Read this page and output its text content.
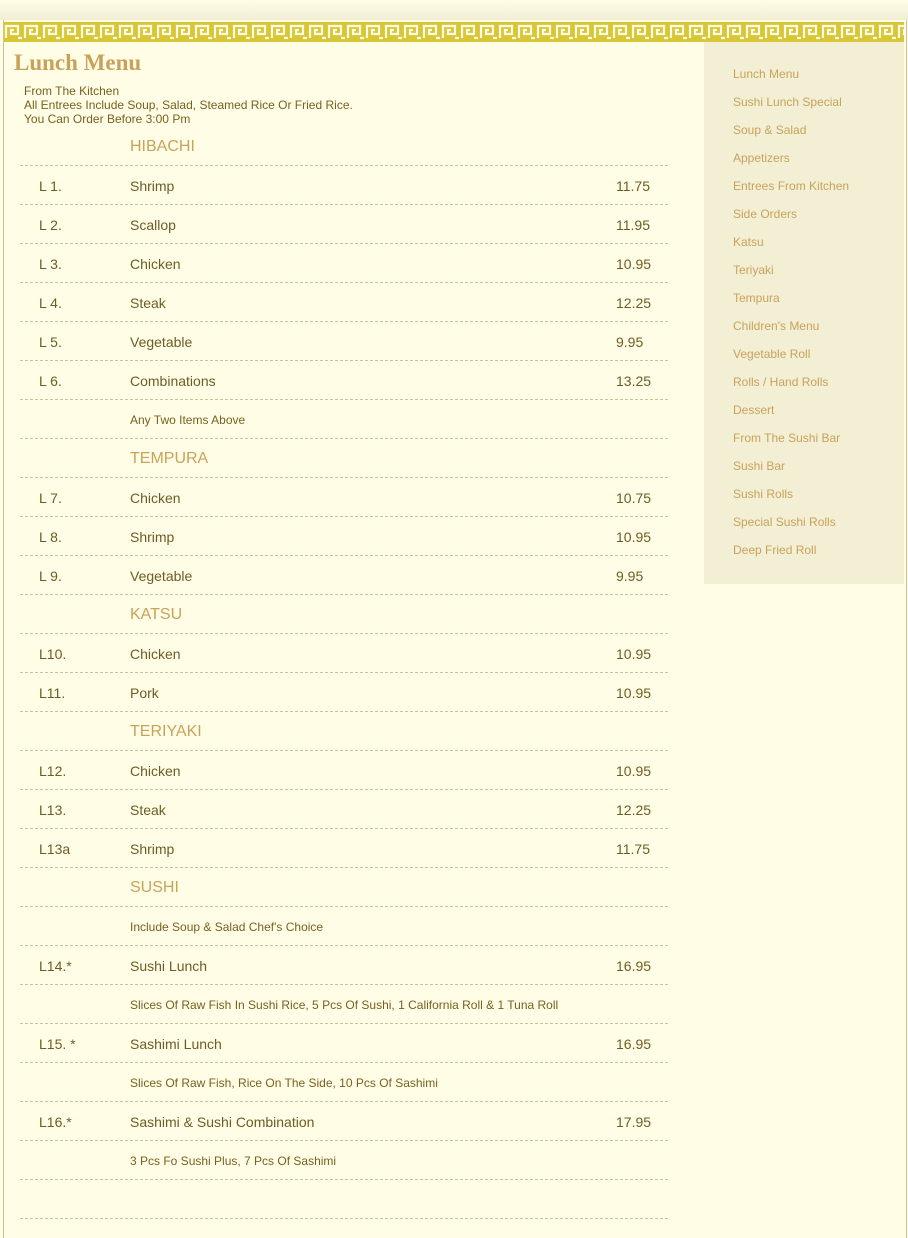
Lunch Menu
From The Kitchen
All Entrees Include Soup, Salad, Steamed Rice Or Fried Rice.
You Can Order Before 3:00 Pm
HIBACHI
L 1.	Shrimp	11.75
L 2.	Scallop	11.95
L 3.	Chicken	10.95
L 4.	Steak	12.25
L 5.	Vegetable	9.95
L 6.	Combinations	13.25
Any Two Items Above
TEMPURA
L 7.	Chicken	10.75
L 8.	Shrimp	10.95
L 9.	Vegetable	9.95
KATSU
L10.	Chicken	10.95
L11.	Pork	10.95
TERIYAKI
L12.	Chicken	10.95
L13.	Steak	12.25
L13a	Shrimp	11.75
SUSHI
Include Soup & Salad Chef's Choice
L14.*	Sushi Lunch	16.95
Slices Of Raw Fish In Sushi Rice, 5 Pcs Of Sushi, 1 California Roll & 1 Tuna Roll
L15. *	Sashimi Lunch	16.95
Slices Of Raw Fish, Rice On The Side, 10 Pcs Of Sashimi
L16.*	Sashimi & Sushi Combination	17.95
3 Pcs Fo Sushi Plus, 7 Pcs Of Sashimi
Lunch Menu
Sushi Lunch Special
Soup & Salad
Appetizers
Entrees From Kitchen
Side Orders
Katsu
Teriyaki
Tempura
Children's Menu
Vegetable Roll
Rolls / Hand Rolls
Dessert
From The Sushi Bar
Sushi Bar
Sushi Rolls
Special Sushi Rolls
Deep Fried Roll
